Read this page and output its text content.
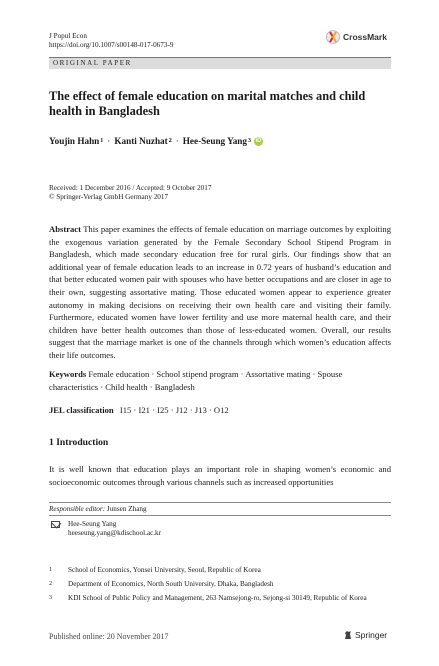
J Popul Econ
https://doi.org/10.1007/s00148-017-0673-9
CrossMark
ORIGINAL PAPER
The effect of female education on marital matches and child health in Bangladesh
Youjin Hahn 1 · Kanti Nuzhat 2 · Hee-Seung Yang 3 iD
Received: 1 December 2016 / Accepted: 9 October 2017
© Springer-Verlag GmbH Germany 2017
Abstract This paper examines the effects of female education on marriage outcomes by exploiting the exogenous variation generated by the Female Secondary School Stipend Program in Bangladesh, which made secondary education free for rural girls. Our findings show that an additional year of female education leads to an increase in 0.72 years of husband’s education and that better educated women pair with spouses who have better occupations and are closer in age to their own, suggesting assortative mating. Those educated women appear to experience greater autonomy in making decisions on receiving their own health care and visiting their family. Furthermore, educated women have lower fertility and use more maternal health care, and their children have better health outcomes than those of less-educated women. Overall, our results suggest that the marriage market is one of the channels through which women’s education affects their life outcomes.
Keywords Female education · School stipend program · Assortative mating · Spouse characteristics · Child health · Bangladesh
JEL classification I15 · I21 · I25 · J12 · J13 · O12
1 Introduction
It is well known that education plays an important role in shaping women’s economic and socioeconomic outcomes through various channels such as increased opportunities
Responsible editor: Junsen Zhang
Hee-Seung Yang
heeseung.yang@kdischool.ac.kr
1	School of Economics, Yonsei University, Seoul, Republic of Korea
2	Department of Economics, North South University, Dhaka, Bangladesh
3	KDI School of Public Policy and Management, 263 Namsejong-ro, Sejong-si 30149, Republic of Korea
Published online: 20 November 2017	Springer
